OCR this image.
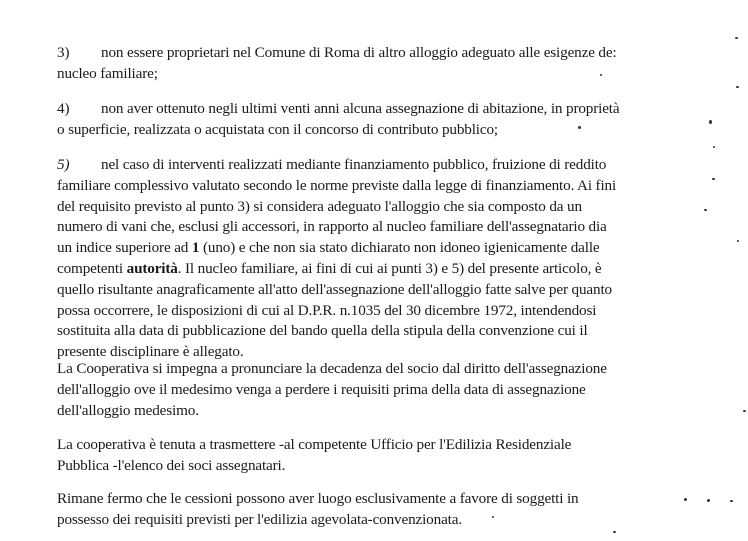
3) non essere proprietari nel Comune di Roma di altro alloggio adeguato alle esigenze de:
nucleo familiare;
4) non aver ottenuto negli ultimi venti anni alcuna assegnazione di abitazione, in proprietà
o superficie, realizzata o acquistata con il concorso di contributo pubblico;
5) nel caso di interventi realizzati mediante finanziamento pubblico, fruizione di reddito
familiare complessivo valutato secondo le norme previste dalla legge di finanziamento. Ai fini
del requisito previsto al punto 3) si considera adeguato l'alloggio che sia composto da un
numero di vani che, esclusi gli accessori, in rapporto al nucleo familiare dell'assegnatario dia
un indice superiore ad 1 (uno) e che non sia stato dichiarato non idoneo igienicamente dalle
competenti autorità. Il nucleo familiare, ai fini di cui ai punti 3) e 5) del presente articolo, è
quello risultante anagraficamente all'atto dell'assegnazione dell'alloggio fatte salve per quanto
possa occorrere, le disposizioni di cui al D.P.R. n.1035 del 30 dicembre 1972, intendendosi
sostituita alla data di pubblicazione del bando quella della stipula della convenzione cui il
presente disciplinare è allegato.
La Cooperativa si impegna a pronunciare la decadenza del socio dal diritto dell'assegnazione
dell'alloggio ove il medesimo venga a perdere i requisiti prima della data di assegnazione
dell'alloggio medesimo.
La cooperativa è tenuta a trasmettere -al competente Ufficio per l'Edilizia Residenziale
Pubblica -l'elenco dei soci assegnatari.
Rimane fermo che le cessioni possono aver luogo esclusivamente a favore di soggetti in
possesso dei requisiti previsti per l'edilizia agevolata-convenzionata.
